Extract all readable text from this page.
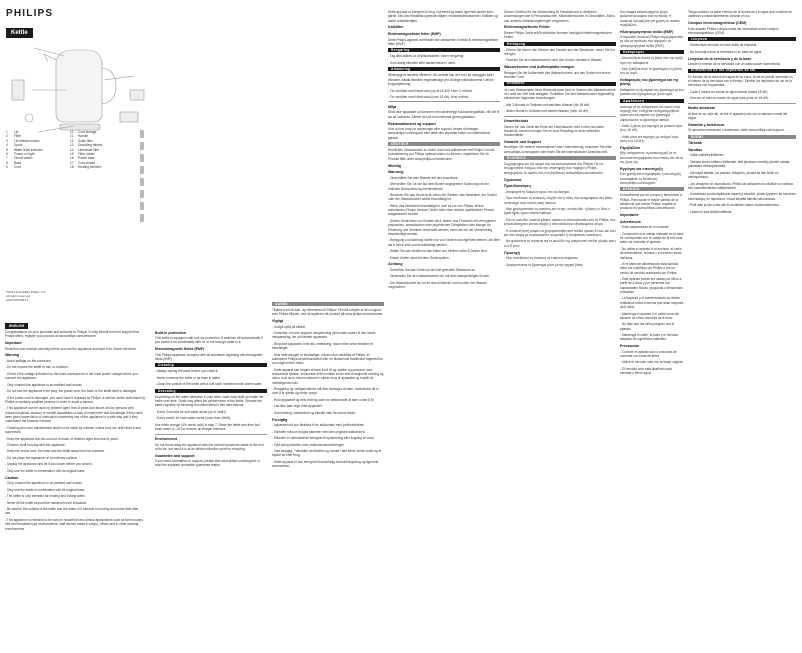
PHILIPS
Kettle
1	Lid
2	Filter
3	Lid release button
4	Spout
5	Water level indicator
6	Power-on light
7	On/off switch
8	Base
9	Cord
10	Cord storage
11	Handle
12	Scale filter
13	Descaling tablets
14	Limescale filter
15	Filter holder
16	Power base
17	Cord winder
18	Heating element
©2014 Koninklijke Philips N.V.
All rights reserved.
4222.005.0061.1
ENGLISH

Congratulations on your purchase and welcome to Philips! To fully benefit from the support that Philips offers, register your product at www.philips.com/welcome.

Important

Read this user manual carefully before you use the appliance and save it for future reference.

Warning

- Avoid spillage on the connector.

- Do not expose the kettle to rain or moisture.

- Check if the voltage indicated on the base corresponds to the local power voltage before you connect the appliance.

- Only connect the appliance to an earthed wall socket.

- Do not use the appliance if the plug, the power cord, the base or the kettle itself is damaged.

- If the power cord is damaged, you must have it replaced by Philips, a service centre authorised by Philips or similarly qualified persons in order to avoid a hazard.

- This appliance can be used by children aged from 8 years and above and by persons with reduced physical, sensory or mental capabilities or lack of experience and knowledge if they have been given supervision or instruction concerning use of the appliance in a safe way and if they understand the hazards involved.

- Cleaning and user maintenance shall not be made by children unless they are older than 8 and supervised.

- Keep the appliance and its cord out of reach of children aged less than 8 years.

- Children shall not play with the appliance.

- Keep the mains cord, the base and the kettle away from hot surfaces.

- Do not place the appliance on an inclined surface.

- Unplug the appliance and let it cool down before you clean it.

- Only use the kettle in combination with its original base.

Caution

- Only connect the appliance to an earthed wall socket.

- Only use the kettle in combination with its original base.

- The kettle is only intended for heating and boiling water.

- Never fill the kettle beyond the maximum level indication.

- Be careful: the outside of the kettle and the water in it become hot during and some time after use.

- This appliance is intended to be used in household and similar applications such as farm houses, bed and breakfast type environments, staff kitchen areas in shops, offices and in other working environments.

Built-in protection

This kettle is equipped with boil-dry protection. It switches off automatically if you switch it on accidentally with no or not enough water in it.

Electromagnetic fields (EMF)

This Philips appliance complies with all standards regarding electromagnetic fields (EMF).

Cleaning

- Always unplug the base before you clean it.

- Never immerse the kettle or its base in water.

- Clean the outside of the kettle with a soft cloth moistened with warm water.

Descaling

Depending on the water hardness in your area, scale may build up inside the kettle over time. Scale may affect the performance of the kettle. Descale the kettle regularly by following the instructions in this user manual.

- Every 3 months for soft water areas (up to 18dH).

- Every month for hard water areas (more than 18dH).

Use white vinegar (4% acetic acid) in step 7. Rinse the kettle and then boil fresh water (1–1/2) to remove all vinegar residues.

Environment

Do not throw away the appliance with the normal household waste at the end of its life, but hand it in at an official collection point for recycling.

Guarantee and support

If you need information or support, please visit www.philips.com/support or read the separate worldwide guarantee leaflet.

DANSK

Tillykke med dit køb, og velkommen til Philips! Få fuldt udbytte af den support, som Philips tilbyder, ved at registrere dit produkt på www.philips.com/welcome.

Vigtigt

- Undgå spild på stikket.

- Kontroller, om den angivne netspænding på bunden svarer til den lokale netspænding, før du tilslutter apparatet.

- Brug ikke apparatet, hvis stik, netledning, basen eller selve elkedlen er beskadiget.

- Hvis netledningen er beskadiget, må den kun udskiftes af Philips, et autoriseret Philips-serviceværksted eller en tilsvarende kvalificeret fagmand for at undgå enhver risiko.

- Dette apparat kan bruges af børn fra 8 år og opefter og personer med reducerede fysiske, sensoriske eller mentale evner eller manglende erfaring og viden, hvis de er blevet instrueret i sikker brug af apparatet og forstår de medfølgende risici.

- Rengøring og vedligeholdelse må ikke foretages af børn, medmindre de er over 8 år gamle og under opsyn.

- Hold apparatet og dets ledning uden for rækkevidde af børn under 8 år.

- Lad ikke børn lege med apparatet.

- Hold ledning, basisenhed og elkedle væk fra varme flader.

Forsigtig

- Apparatet må kun tilsluttes til en stikkontakt med jordforbindelse.

- Elkedlen må kun bruges sammen med den originale basisenhed.

- Elkedlen er udelukkende beregnet til opvarmning eller kogning af vand.

- Fyld aldrig elkedlen over maksimumsmarkeringen.

- Vær forsigtig: Ydersiden af elkedlen og vandet i den bliver varmt under og et stykke tid efter brug.

- Dette apparat er kun beregnet til almindelig husholdningsbrug og lignende anvendelser.

Dette apparat er beregnet til brug i hjemmet og andre lignende steder som: gårde, bed and breakfast-lignende miljøer, medarbejderkøkkener i butikker og andre arbejdsmiljøer.

Kalkfilter
Elektromagnetiske felter (EMF)

Dette Philips-apparat overholder alle standarder i forhold til elektromagnetiske felter (EMF).

Rengøring

- Tag altid stikket ud af stikkontakten, inden rengøring.

- Kom aldrig elkedlen eller basisenheden i vand.

Afkalkning

Afhængigt af vandets hårdhed i dit område kan der over tid opbygges kalk i elkedlen. Afkalk elkedlen regelmæssigt ved at følge instruktionerne i denne brugsvejledning.

- For områder med blødt vand (op til 18 dH): Hver 3. måned.

- For områder med hårdt vand (over 18 dH): Hver måned.

Miljø

Smid ikke apparatet ud sammen med almindeligt husholdningsaffald, når det til sin tid kasseres. Aflever det på en kommunal genbrugsstation.

Reklamationsret og support

Hvis du har brug for oplysninger eller support, bedes du besøge www.philips.com/support eller læse den separate folder om international garanti.

DEUTSCH

Herzlichen Glückwunsch zu Ihrem Kauf und willkommen bei Philips! Um die Unterstützung von Philips optimal nutzen zu können, registrieren Sie Ihr Produkt bitte unter www.philips.com/welcome.

Wichtig
Warnung

- Verschütten Sie kein Wasser auf den Anschluss.

- Überprüfen Sie, ob die auf dem Boden angegebene Spannung mit der örtlichen Netzspannung übereinstimmt.

- Benutzen Sie das Gerät nicht, wenn der Stecker, das Netzkabel, der Sockel oder der Wasserkocher selbst beschädigt ist.

- Wenn das Netzkabel beschädigt ist, darf es nur von Philips, einem autorisierten Philips Service-Center oder einer ähnlich qualifizierten Person ausgetauscht werden.

- Dieses Gerät kann von Kindern ab 8 Jahren und Personen mit verringerten physischen, sensorischen oder psychischen Fähigkeiten oder Mangel an Erfahrung und Kenntnis verwendet werden, wenn sie bei der Verwendung beaufsichtigt werden.

- Reinigung und Wartung dürfen nur von Kindern durchgeführt werden, die älter als 8 Jahre sind und beaufsichtigt werden.

- Halten Sie das Gerät und das Kabel von Kindern unter 8 Jahren fern.

- Kinder dürfen nicht mit dem Gerät spielen.

Achtung

- Schließen Sie das Gerät nur an eine geerdete Steckdose an.

- Verwenden Sie den Wasserkocher nur mit dem dazugehörigen Sockel.

- Der Wasserkocher ist nur für das Aufheizen und Kochen von Wasser vorgesehen.

Dieses Gerät ist für die Verwendung im Haushalt und in ähnlichen Anwendungen wie in Personalküchen, Mitarbeiterküchen in Geschäften, Büros und anderen Arbeitsumgebungen vorgesehen.

Elektromagnetische Felder

Dieses Philips Gerät erfüllt sämtliche Normen bezüglich elektromagnetischer Felder.

Reinigung

- Ziehen Sie immer den Stecker des Sockels aus der Steckdose, bevor Sie ihn reinigen.

- Tauchen Sie den Wasserkocher oder den Sockel niemals in Wasser.

Wasserkocher und Aufheizplatte reinigen

Reinigen Sie die Außenseite des Wasserkochers und den Sockel mit einem feuchten Tuch.

Entkalken

Je nach Wasserhärte Ihres Wohnorts kann sich im Inneren des Wasserkochers im Laufe der Zeit Kalk ablagern. Entkalken Sie den Wasserkocher regelmäßig anhand der folgenden Anweisungen.

- Alle 3 Monate in Gebieten mit weichem Wasser (bis 18 dH).

- Jeden Monat in Gebieten mit hartem Wasser (über 18 dH).

Umweltschutz

Geben Sie das Gerät am Ende der Lebensdauer nicht in den normalen Hausmüll, sondern bringen Sie es zum Recycling zu einer offiziellen Sammelstelle.

Garantie und Support

Benötigen Sie weitere Informationen oder Unterstützung, besuchen Sie bitte www.philips.com/support oder lesen Sie die internationale Garantieschrift.

ΕΛΛΗΝΙΚΑ

Συγχαρητήρια για την αγορά σας και καλωσορίσατε στη Philips! Για να επωφεληθείτε πλήρως από την υποστήριξη που παρέχει η Philips, καταχωρήστε το προϊόν σας στη διεύθυνση www.philips.com/welcome.

Σημαντικό
Προειδοποίηση

- Αποφύγετε τη διαρροή νερού στο συνδετήρα.

- Πριν συνδέσετε τη συσκευή, ελέγξτε εάν η τάση που αναγράφεται στη βάση αντιστοιχεί στην τοπική τάση δικτύου.

- Μην χρησιμοποιείτε τη συσκευή εάν το φις, το καλώδιο, η βάση ή ο ίδιος ο βραστήρας έχουν υποστεί φθορά.

- Εάν το καλώδιο υποστεί φθορά, πρέπει να αντικατασταθεί από τη Philips, ένα εξουσιοδοτημένο κέντρο σέρβις ή από κατάλληλα εξειδικευμένα άτομα.

- Η συσκευή αυτή μπορεί να χρησιμοποιηθεί από παιδιά ηλικίας 8 ετών και άνω και από άτομα με περιορισμένες σωματικές ή πνευματικές ικανότητες.

- Να φυλάσσετε τη συσκευή και το καλώδιό της μακριά από παιδιά ηλικίας κάτω των 8 ετών.

Προσοχή

- Μην τοποθετείτε τη συσκευή σε επικλινή επιφάνεια.

- Χρησιμοποιείτε το βραστήρα μόνο με την αρχική βάση.

Και ελαφρά ταλαιπωρημένο χώρο, φυλάσσεται μακριά από τα παιδιά. Η συσκευή προορίζεται για χρήση σε οικιακό περιβάλλον.

Ηλεκτρομαγνητικά πεδία (EMF)

Η παρούσα συσκευή Philips συμμορφώνεται με όλα τα πρότυπα που αφορούν τα ηλεκτρομαγνητικά πεδία (EMF).

Καθαρισμός

- Αποσυνδέετε πάντα τη βάση από την πρίζα πριν την καθαρίσετε.

- Μην βυθίζετε ποτέ το βραστήρα ή τη βάση του σε νερό.

Καθαρισμός του βραστήρα και της βάσης

Καθαρίστε το εξωτερικό του βραστήρα με ένα μαλακό πανί βρεγμένο με ζεστό νερό.

Αφαλάτωση

Ανάλογα με τη σκληρότητα του νερού στην περιοχή σας, ενδέχεται να δημιουργηθούν άλατα στο εσωτερικό του βραστήρα. Αφαλατώνετε το βραστήρα τακτικά.

- Κάθε 3 μήνες για περιοχές με μαλακό νερό (έως 18 dH).

- Κάθε μήνα για περιοχές με σκληρό νερό (άνω των 18 dH).

Περιβάλλον

Μην απορρίπτετε τη συσκευή μαζί με τα κανονικά απορρίμματα του σπιτιού στο τέλος της ζωής της.

Εγγύηση και υποστήριξη

Εάν χρειάζεστε πληροφορίες ή υποστήριξη, επισκεφθείτε τη διεύθυνση www.philips.com/support.

ESPAÑOL

Enhorabuena por su compra y bienvenido a Philips. Para sacar el mayor partido de la asistencia que ofrece Philips, registre el producto en www.philips.com/welcome.

Importante
Advertencia

- Evite salpicaduras en el conector.

- Compruebe si el voltaje indicado en la base se corresponde con el voltaje de la red local antes de enchufar el aparato.

- No utilice el aparato si el enchufe, el cable de alimentación, la base o el hervidor están dañados.

- Si el cable de alimentación está dañado, debe ser sustituido por Philips o por un centro de servicio autorizado por Philips.

- Este aparato puede ser usado por niños a partir de 8 años y por personas con capacidades físicas, psíquicas o sensoriales reducidas.

- La limpieza y el mantenimiento no deben realizarlos niños a menos que sean mayores de 8 años.

- Mantenga el aparato y el cable fuera del alcance de niños menores de 8 años.

- No deje que los niños jueguen con el aparato.

- Mantenga el cable, la base y el hervidor alejados de superficies calientes.

Precaución

- Conecte el aparato solo a una toma de corriente con toma de tierra.

- Utilice el hervidor solo con su base original.

- El hervidor solo está diseñado para calentar y hervir agua.

Tenga cuidado: la parte exterior de la hervidora y el agua que contiene se calientan considerablemente durante el uso.

Campos electromagnéticos (CEM)

Este aparato Philips cumple todas las normativas sobre campos electromagnéticos (CEM).

Limpieza

- Desenchufe siempre la base antes de limpiarla.

- No sumerja nunca la hervidora ni su base en agua.

Limpieza de la hervidora y de la base

Limpie el exterior de la hervidora con un paño suave humedecido.

Eliminación de los depósitos de cal

En función de la dureza del agua de su zona, la cal se puede acumular en el interior de la hervidora con el tiempo. Elimine los depósitos de cal de la hervidora con regularidad.

- Cada 3 meses en zonas de agua blanda (hasta 18 dH).

- Una vez al mes en zonas de agua dura (más de 18 dH).

Medio ambiente

Al final de su vida útil, no tire el aparato junto con la basura normal del hogar.

Garantía y asistencia

Si necesita información o asistencia, visite www.philips.com/support.

SUOMI
Tärkeää
Varoitus

- Vältä roiskeita liittimeen.

- Tarkista ennen laitteen liittämistä, että jalustaan merkitty jännite vastaa paikallista verkkojännitettä.

- Älä käytä laitetta, jos pistoke, virtajohto, jalusta tai itse keitin on vahingoittunut.

- Jos virtajohto on vaurioitunut, Philips tai valtuutettu huoltoliike voi vaihtaa sen vaaratilanteiden välttämiseksi.

- Kahdeksan vuotta täyttäneet lapset ja henkilöt, joiden fyysinen tai henkinen toimintakyky on rajoittunut, voivat käyttää laitetta valvonnassa.

- Pidä laite ja sen johto alle 8-vuotiaiden lasten ulottumattomissa.

- Lasten ei saa leikkiä laitteella.
